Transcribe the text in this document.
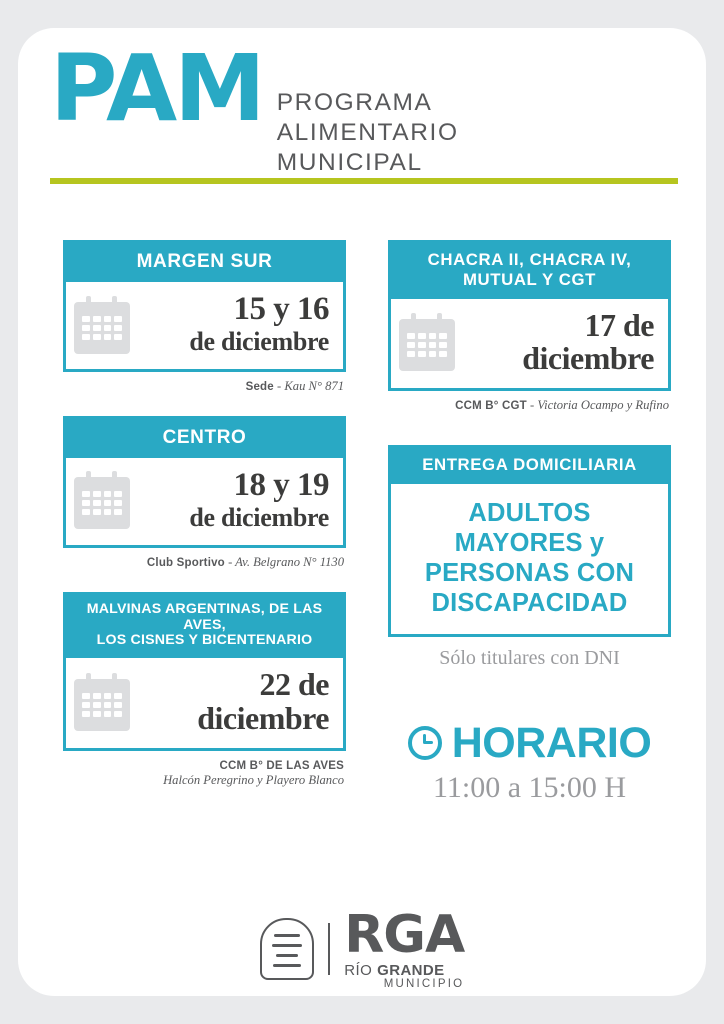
PAM PROGRAMA
ALIMENTARIO
MUNICIPAL
MARGEN SUR
15 y 16
de diciembre
Sede - Kau N° 871
CENTRO
18 y 19
de diciembre
Club Sportivo - Av. Belgrano N° 1130
MALVINAS ARGENTINAS, DE LAS AVES,
LOS CISNES Y BICENTENARIO
22 de
diciembre
CCM B° DE LAS AVES
Halcón Peregrino y Playero Blanco
CHACRA II, CHACRA IV,
MUTUAL Y CGT
17 de
diciembre
CCM B° CGT - Victoria Ocampo y Rufino
ENTREGA DOMICILIARIA
ADULTOS
MAYORES y
PERSONAS CON
DISCAPACIDAD
Sólo titulares con DNI
HORARIO
11:00 a 15:00 H
RGA
RÍO GRANDE
MUNICIPIO
